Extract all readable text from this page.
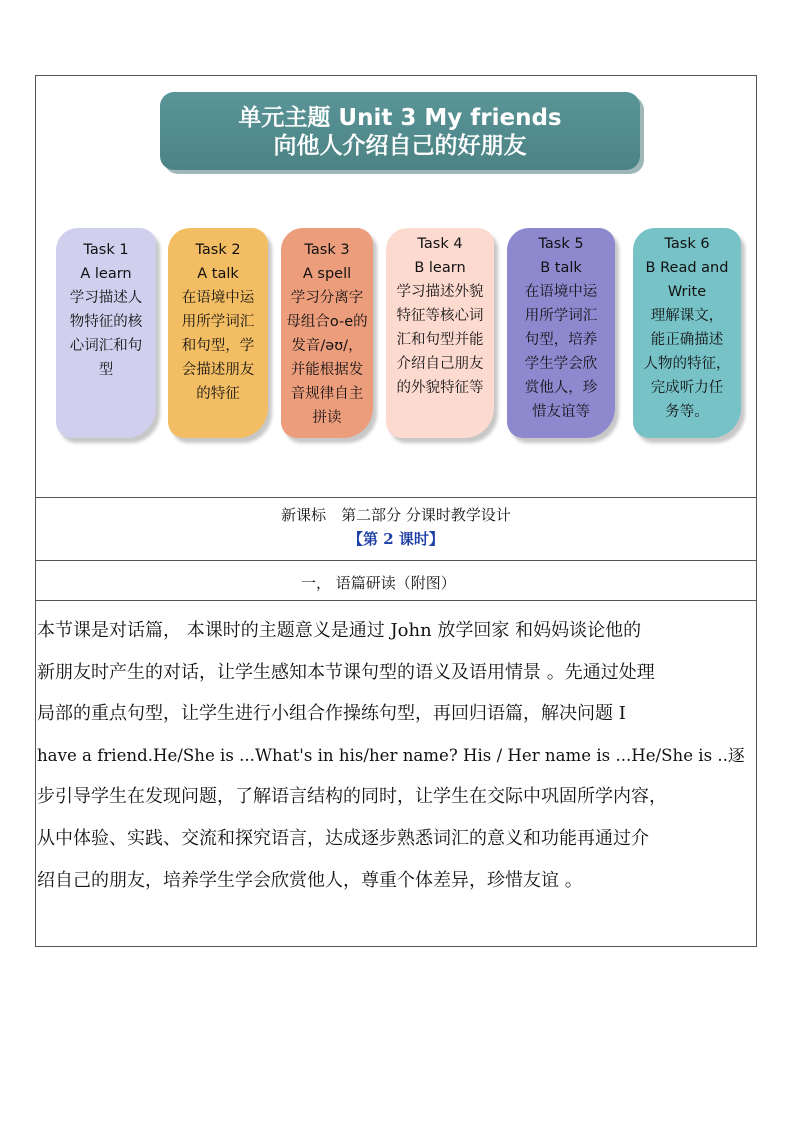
单元主题 Unit 3 My friends
向他人介绍自己的好朋友
Task 1
A learn
学习描述人
物特征的核
心词汇和句
型
Task 2
A talk
在语境中运
用所学词汇
和句型，学
会描述朋友
的特征
Task 3
A spell
学习分离字
母组合o-e的
发音/əʊ/，
并能根据发
音规律自主
拼读
Task 4
B learn
学习描述外貌
特征等核心词
汇和句型并能
介绍自己朋友
的外貌特征等
Task 5
B talk
在语境中运
用所学词汇
句型，培养
学生学会欣
赏他人，珍
惜友谊等
Task 6
B Read and
Write
理解课文，
能正确描述
人物的特征，
完成听力任
务等。
新课标　第二部分 分课时教学设计
【第 2 课时】
一， 语篇研读（附图）
本节课是对话篇， 本课时的主题意义是通过 John 放学回家 和妈妈谈论他的
新朋友时产生的对话，让学生感知本节课句型的语义及语用情景 。先通过处理
局部的重点句型，让学生进行小组合作操练句型，再回归语篇，解决问题 I
have a friend.He/She is ...What's in his/her name? His / Her name is ...He/She is ..逐
步引导学生在发现问题，了解语言结构的同时，让学生在交际中巩固所学内容，
从中体验、实践、交流和探究语言，达成逐步熟悉词汇的意义和功能再通过介
绍自己的朋友，培养学生学会欣赏他人，尊重个体差异，珍惜友谊 。
